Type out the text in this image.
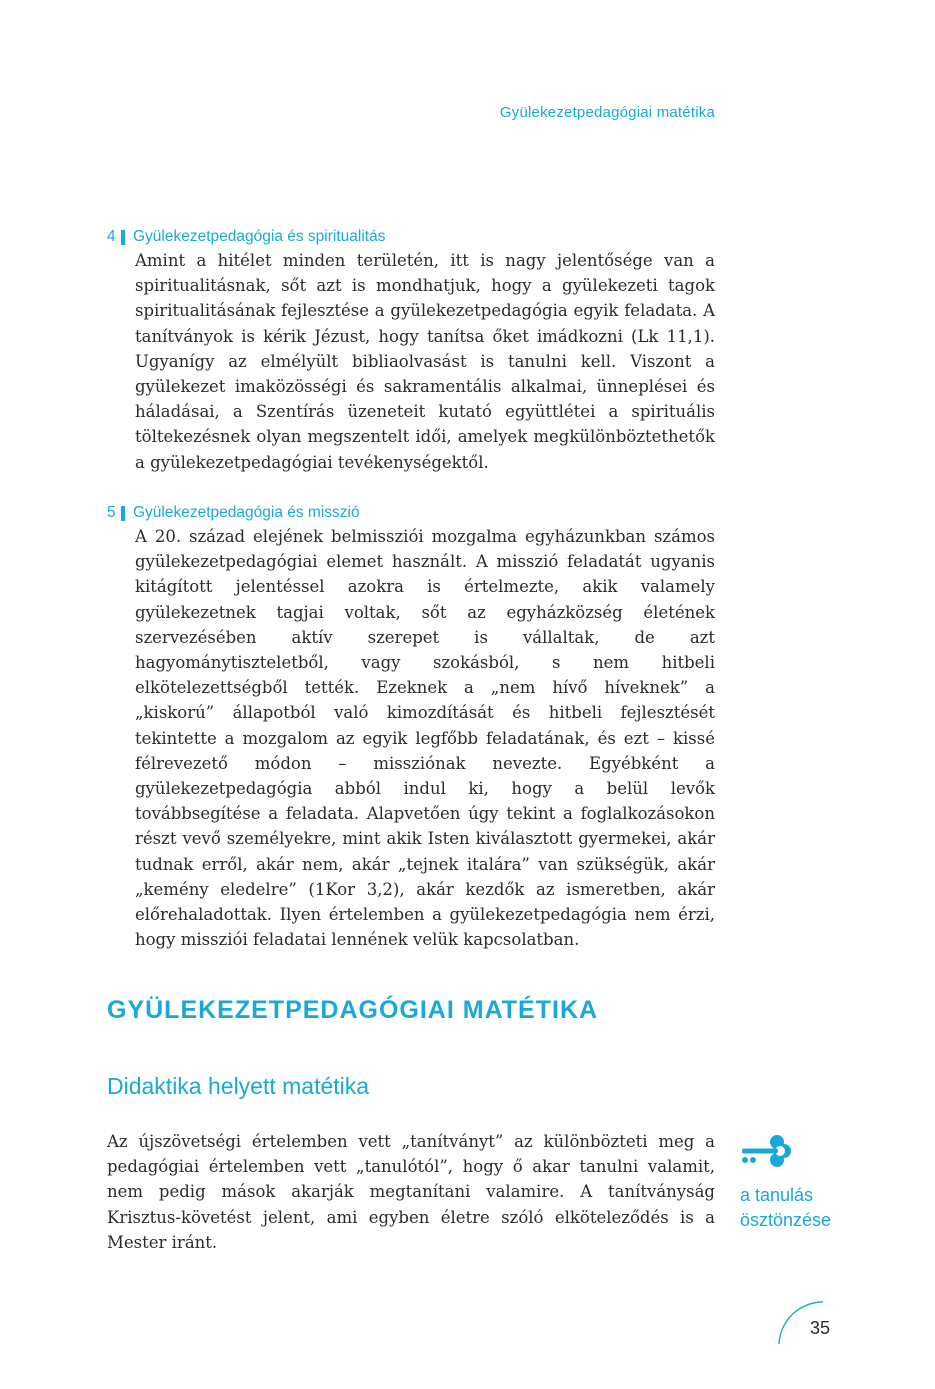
Gyülekezetpedagógiai matétika
4 Gyülekezetpedagógia és spiritualitás

Amint a hitélet minden területén, itt is nagy jelentősége van a spiritualitásnak, sőt azt is mondhatjuk, hogy a gyülekezeti tagok spiritualitásának fejlesztése a gyülekezetpedagógia egyik feladata. A tanítványok is kérik Jézust, hogy tanítsa őket imádkozni (Lk 11,1). Ugyanígy az elmélyült bibliaolvasást is tanulni kell. Viszont a gyülekezet imaközösségi és sakramentális alkalmai, ünneplései és háladásai, a Szentírás üzeneteit kutató együttlétei a spirituális töltekezésnek olyan megszentelt idői, amelyek megkülönböztethetők a gyülekezetpedagógiai tevékenységektől.

5 Gyülekezetpedagógia és misszió

A 20. század elejének belmissziói mozgalma egyházunkban számos gyülekezetpedagógiai elemet használt. A misszió feladatát ugyanis kitágított jelentéssel azokra is értelmezte, akik valamely gyülekezetnek tagjai voltak, sőt az egyházközség életének szervezésében aktív szerepet is vállaltak, de azt hagyománytiszteletből, vagy szokásból, s nem hitbeli elkötelezettségből tették. Ezeknek a „nem hívő híveknek” a „kiskorú” állapotból való kimozdítását és hitbeli fejlesztését tekintette a mozgalom az egyik legfőbb feladatának, és ezt – kissé félrevezető módon – missziónak nevezte. Egyébként a gyülekezetpedagógia abból indul ki, hogy a belül levők továbbsegítése a feladata. Alapvetően úgy tekint a foglalkozásokon részt vevő személyekre, mint akik Isten kiválasztott gyermekei, akár tudnak erről, akár nem, akár „tejnek italára” van szükségük, akár „kemény eledelre” (1Kor 3,2), akár kezdők az ismeretben, akár előrehaladottak. Ilyen értelemben a gyülekezetpedagógia nem érzi, hogy missziói feladatai lennének velük kapcsolatban.

GYÜLEKEZETPEDAGÓGIAI MATÉTIKA
Didaktika helyett matétika

Az újszövetségi értelemben vett „tanítványt” az különbözteti meg a pedagógiai értelemben vett „tanulótól”, hogy ő akar tanulni valamit, nem pedig mások akarják megtanítani valamire. A tanítványság Krisztus-követést jelent, ami egyben életre szóló elköteleződés is a Mester iránt.

a tanulás
ösztönzése
35
